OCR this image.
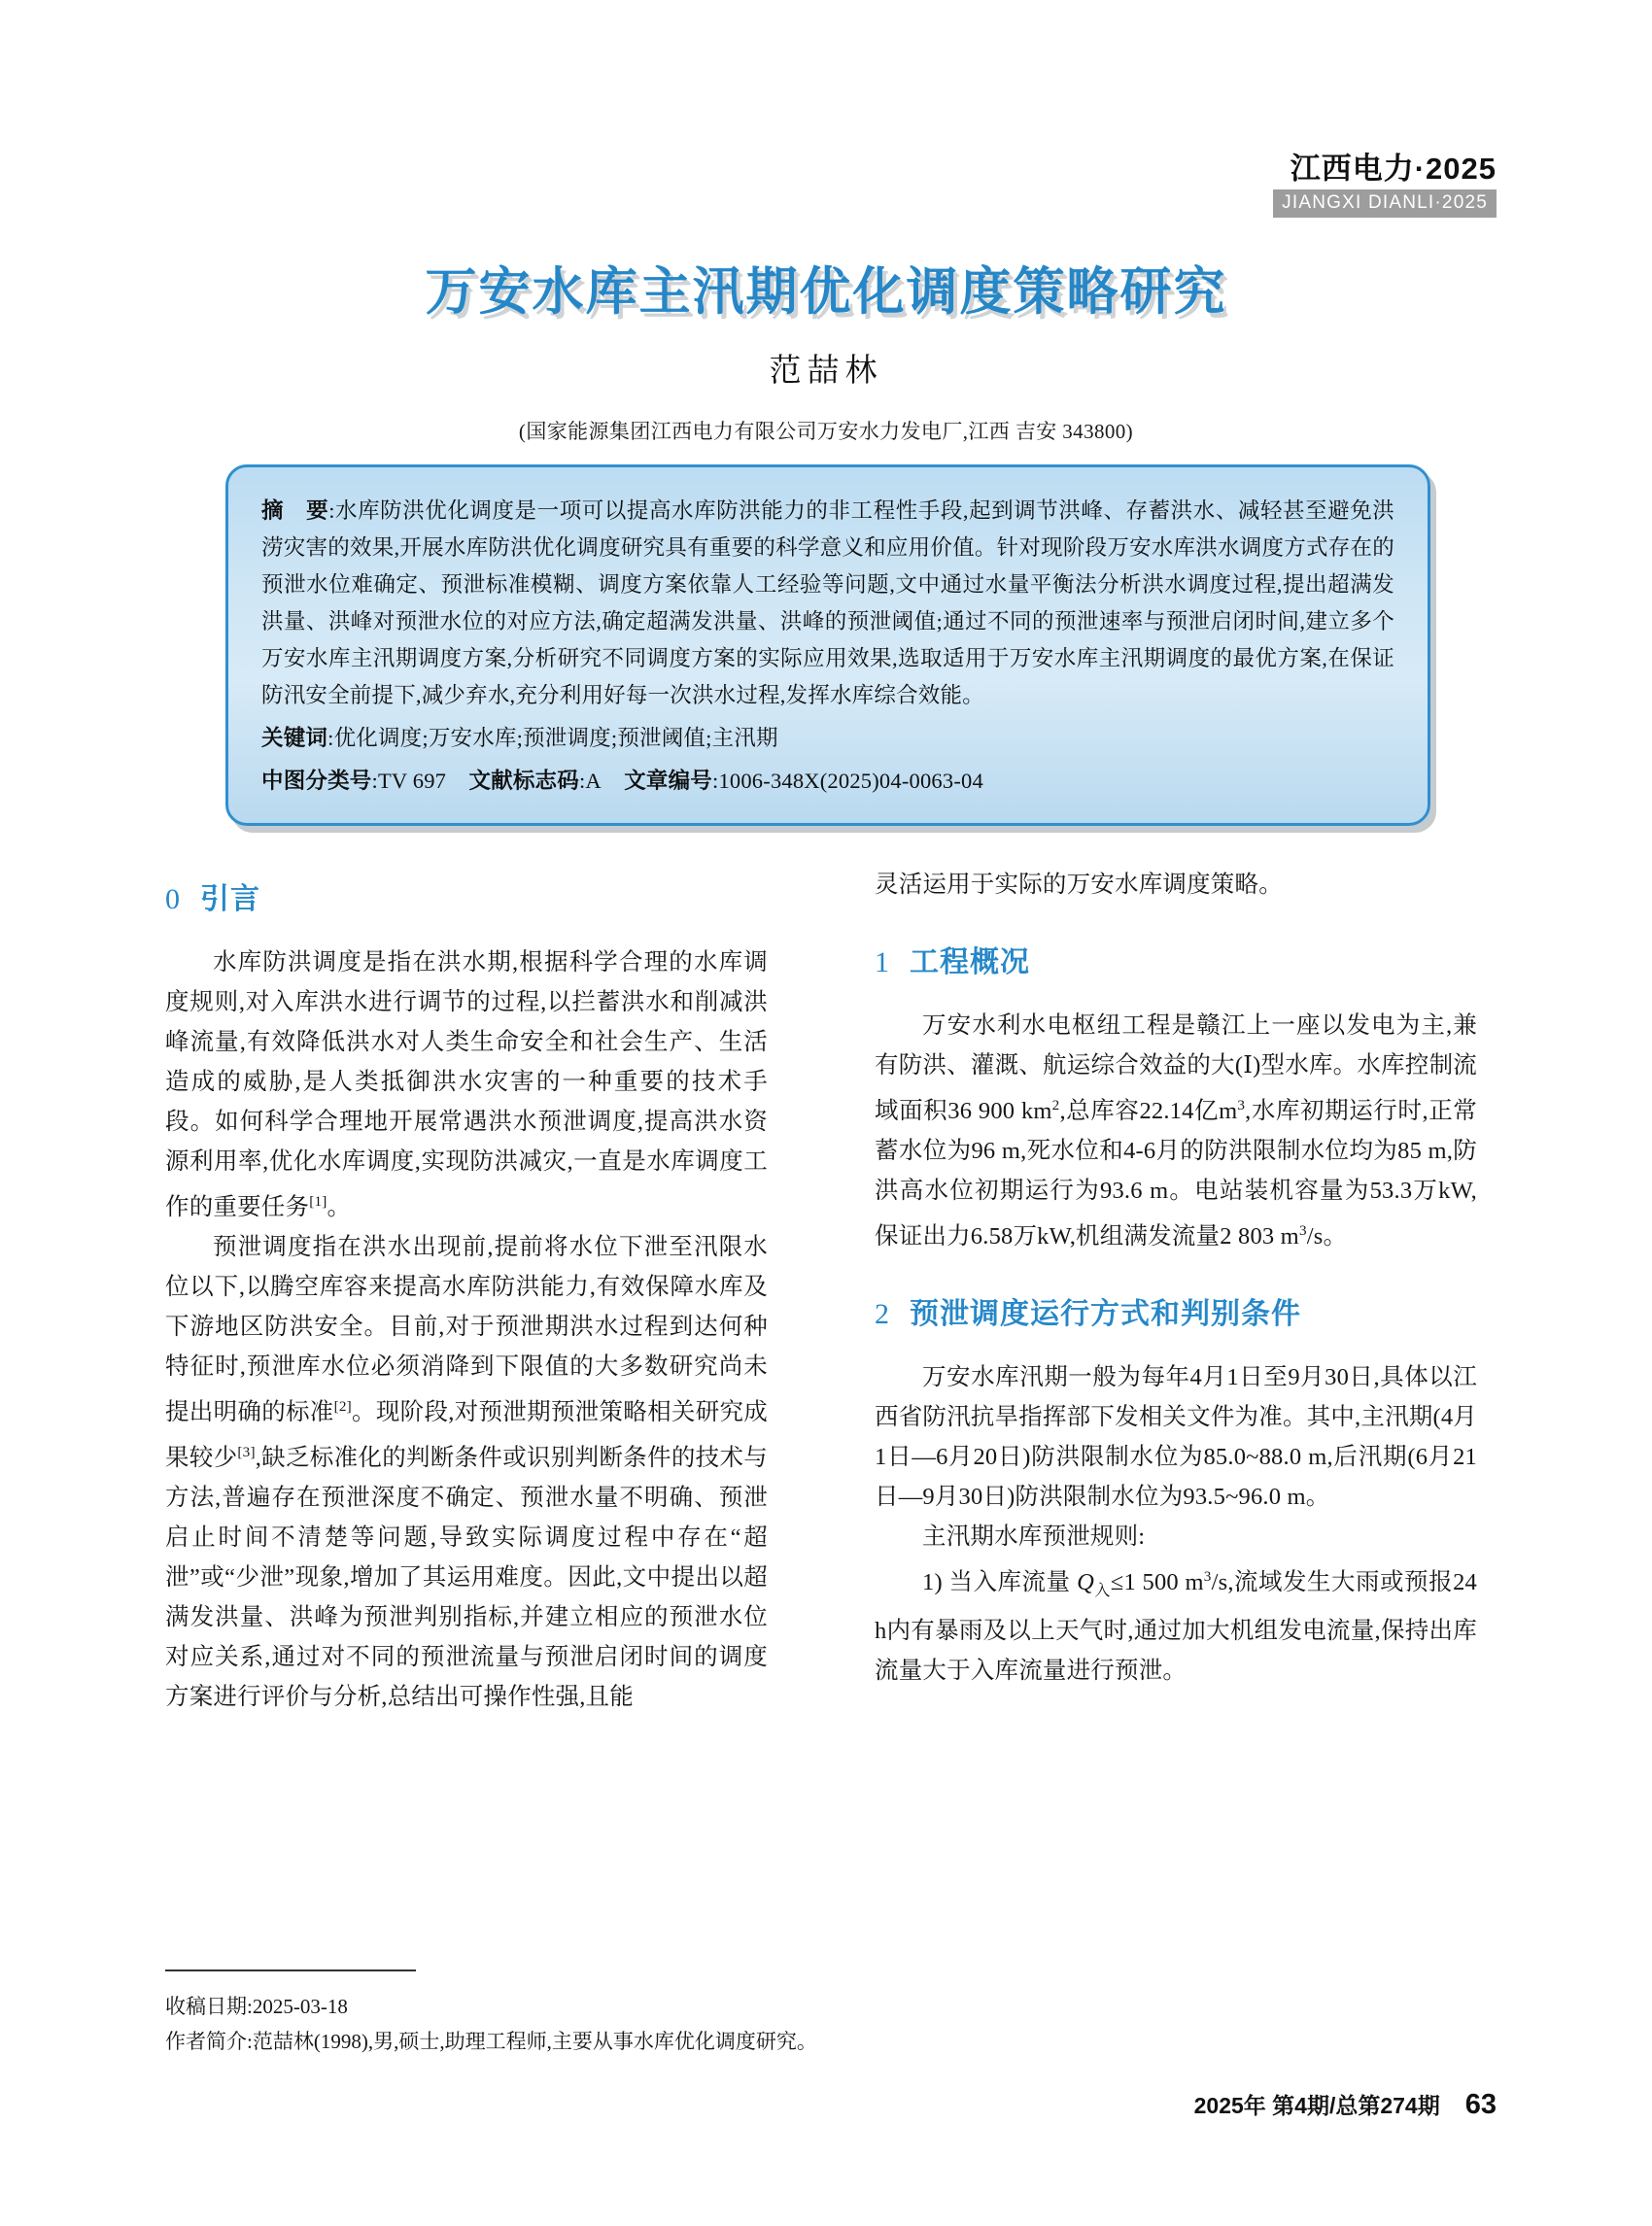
江西电力·2025
JIANGXI DIANLI·2025
万安水库主汛期优化调度策略研究
范喆林
(国家能源集团江西电力有限公司万安水力发电厂,江西 吉安 343800)

摘　要:水库防洪优化调度是一项可以提高水库防洪能力的非工程性手段,起到调节洪峰、存蓄洪水、减轻甚至避免洪涝灾害的效果,开展水库防洪优化调度研究具有重要的科学意义和应用价值。针对现阶段万安水库洪水调度方式存在的预泄水位难确定、预泄标准模糊、调度方案依靠人工经验等问题,文中通过水量平衡法分析洪水调度过程,提出超满发洪量、洪峰对预泄水位的对应方法,确定超满发洪量、洪峰的预泄阈值;通过不同的预泄速率与预泄启闭时间,建立多个万安水库主汛期调度方案,分析研究不同调度方案的实际应用效果,选取适用于万安水库主汛期调度的最优方案,在保证防汛安全前提下,减少弃水,充分利用好每一次洪水过程,发挥水库综合效能。

关键词:优化调度;万安水库;预泄调度;预泄阈值;主汛期

中图分类号:TV 697 文献标志码:A 文章编号:1006-348X(2025)04-0063-04

0 引言

水库防洪调度是指在洪水期,根据科学合理的水库调度规则,对入库洪水进行调节的过程,以拦蓄洪水和削减洪峰流量,有效降低洪水对人类生命安全和社会生产、生活造成的威胁,是人类抵御洪水灾害的一种重要的技术手段。如何科学合理地开展常遇洪水预泄调度,提高洪水资源利用率,优化水库调度,实现防洪减灾,一直是水库调度工作的重要任务[1]。

预泄调度指在洪水出现前,提前将水位下泄至汛限水位以下,以腾空库容来提高水库防洪能力,有效保障水库及下游地区防洪安全。目前,对于预泄期洪水过程到达何种特征时,预泄库水位必须消降到下限值的大多数研究尚未提出明确的标准[2]。现阶段,对预泄期预泄策略相关研究成果较少[3],缺乏标准化的判断条件或识别判断条件的技术与方法,普遍存在预泄深度不确定、预泄水量不明确、预泄启止时间不清楚等问题,导致实际调度过程中存在“超泄”或“少泄”现象,增加了其运用难度。因此,文中提出以超满发洪量、洪峰为预泄判别指标,并建立相应的预泄水位对应关系,通过对不同的预泄流量与预泄启闭时间的调度方案进行评价与分析,总结出可操作性强,且能

灵活运用于实际的万安水库调度策略。

1 工程概况

万安水利水电枢纽工程是赣江上一座以发电为主,兼有防洪、灌溉、航运综合效益的大(Ⅰ)型水库。水库控制流域面积36 900 $km^2$,总库容22.14亿$m^3$,水库初期运行时,正常蓄水位为96 m,死水位和4-6月的防洪限制水位均为85 m,防洪高水位初期运行为93.6 m。电站装机容量为53.3万kW,保证出力6.58万kW,机组满发流量2 803 $m^3/s$。

2 预泄调度运行方式和判别条件

万安水库汛期一般为每年4月1日至9月30日,具体以江西省防汛抗旱指挥部下发相关文件为准。其中,主汛期(4月1日—6月20日)防洪限制水位为85.0~88.0 m,后汛期(6月21日—9月30日)防洪限制水位为93.5~96.0 m。

主汛期水库预泄规则:

1) 当入库流量 $Q_入\le 1$ 500 $m^3/s$,流域发生大雨或预报24 h内有暴雨及以上天气时,通过加大机组发电流量,保持出库流量大于入库流量进行预泄。

收稿日期:2025-03-18
作者简介:范喆林(1998),男,硕士,助理工程师,主要从事水库优化调度研究。
2025年 第4期/总第274期 63
